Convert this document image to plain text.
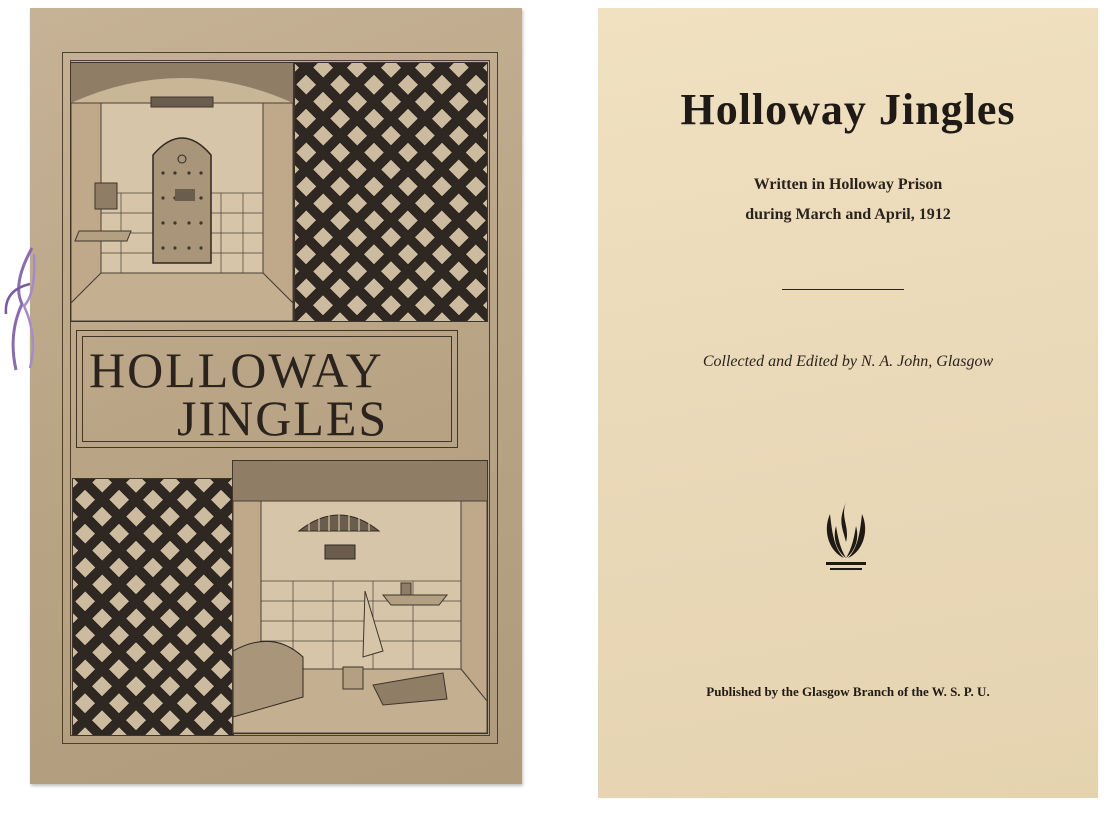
HOLLOWAY
JINGLES
Holloway Jingles
Written in Holloway Prison
during March and April, 1912
Collected and Edited by N. A. John, Glasgow
Published by the Glasgow Branch of the W. S. P. U.
